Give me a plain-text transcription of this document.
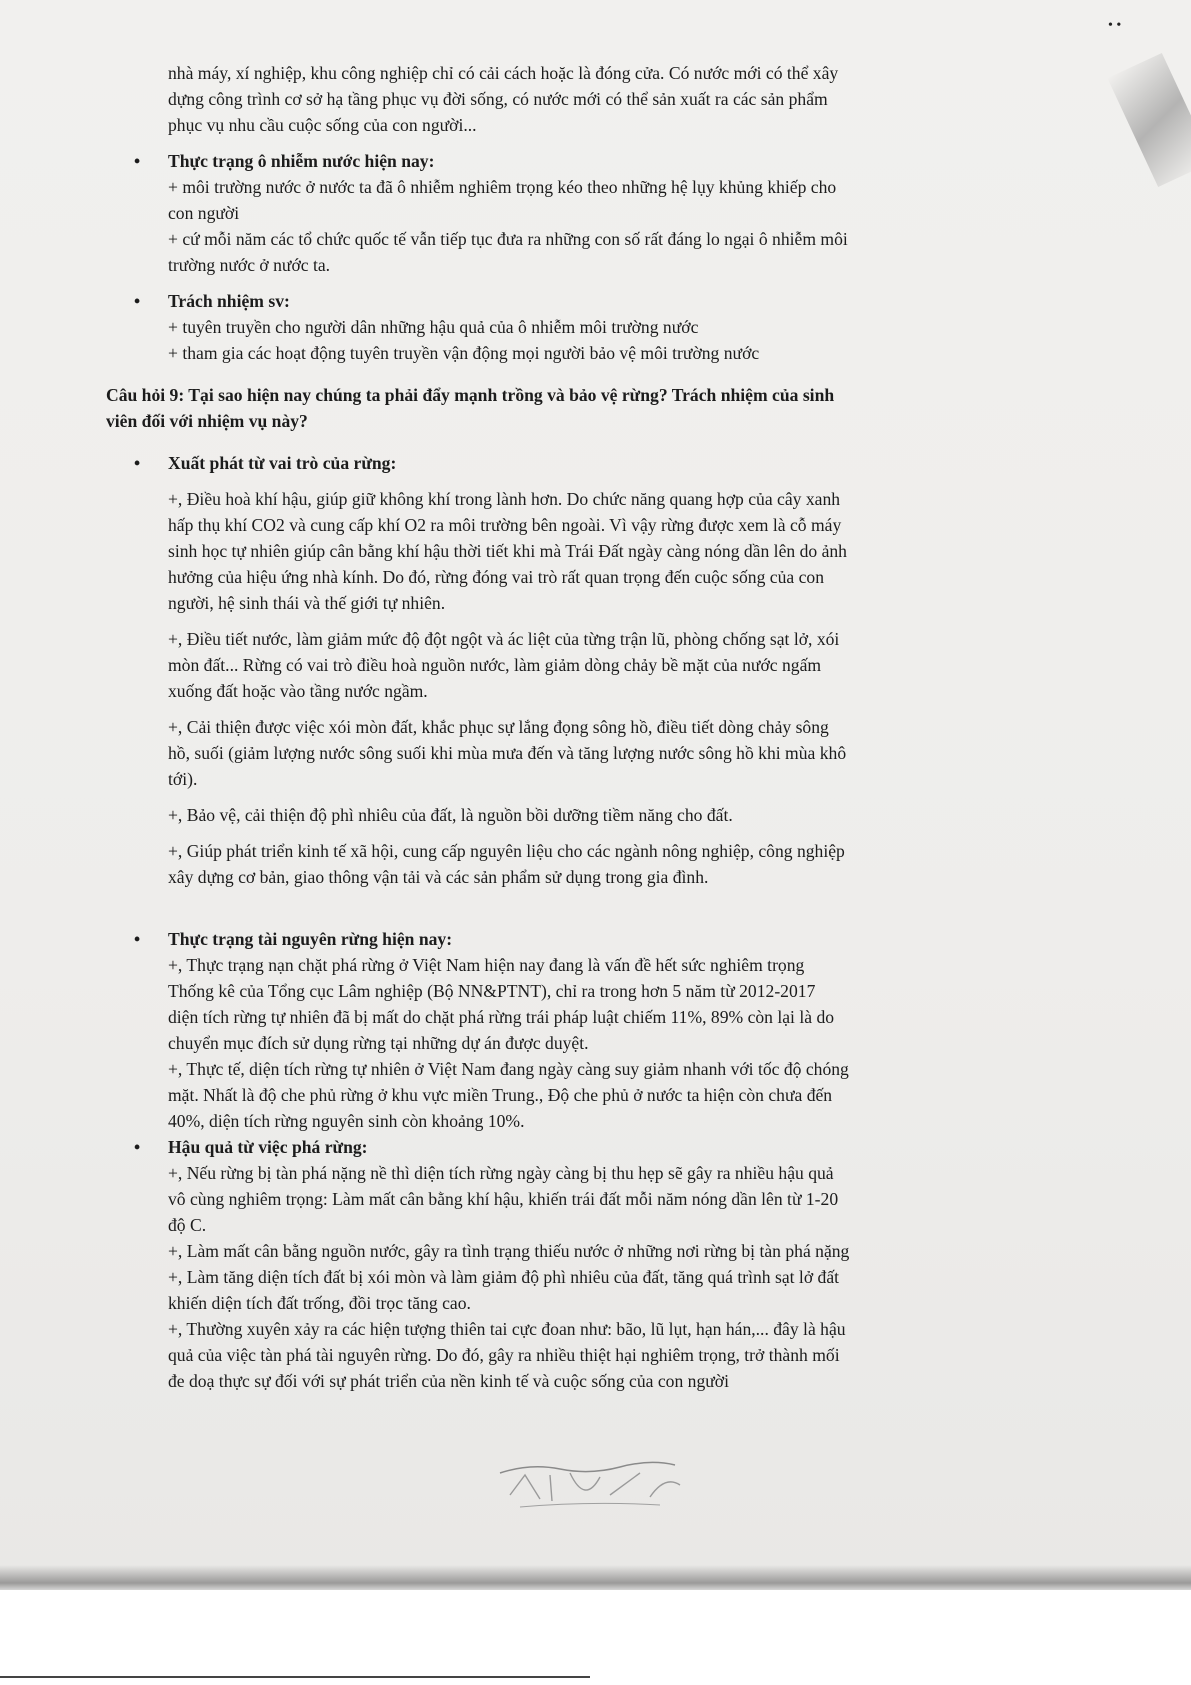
• •

nhà máy, xí nghiệp, khu công nghiệp chỉ có cải cách hoặc là đóng cửa. Có nước mới có thể xây

dựng công trình cơ sở hạ tầng phục vụ đời sống, có nước mới có thể sản xuất ra các sản phẩm

phục vụ nhu cầu cuộc sống của con người...

• Thực trạng ô nhiễm nước hiện nay:

+ môi trường nước ở nước ta đã ô nhiễm nghiêm trọng kéo theo những hệ lụy khủng khiếp cho

con người

+ cứ mỗi năm các tổ chức quốc tế vẫn tiếp tục đưa ra những con số rất đáng lo ngại ô nhiễm môi

trường nước ở nước ta.

• Trách nhiệm sv:

+ tuyên truyền cho người dân những hậu quả của ô nhiễm môi trường nước

+ tham gia các hoạt động tuyên truyền vận động mọi người bảo vệ môi trường nước

Câu hỏi 9: Tại sao hiện nay chúng ta phải đẩy mạnh trồng và bảo vệ rừng? Trách nhiệm của sinh

viên đối với nhiệm vụ này?

• Xuất phát từ vai trò của rừng:

+, Điều hoà khí hậu, giúp giữ không khí trong lành hơn. Do chức năng quang hợp của cây xanh

hấp thụ khí CO2 và cung cấp khí O2 ra môi trường bên ngoài. Vì vậy rừng được xem là cỗ máy

sinh học tự nhiên giúp cân bằng khí hậu thời tiết khi mà Trái Đất ngày càng nóng dần lên do ảnh

hưởng của hiệu ứng nhà kính. Do đó, rừng đóng vai trò rất quan trọng đến cuộc sống của con

người, hệ sinh thái và thế giới tự nhiên.

+, Điều tiết nước, làm giảm mức độ đột ngột và ác liệt của từng trận lũ, phòng chống sạt lở, xói

mòn đất... Rừng có vai trò điều hoà nguồn nước, làm giảm dòng chảy bề mặt của nước ngấm

xuống đất hoặc vào tầng nước ngầm.

+, Cải thiện được việc xói mòn đất, khắc phục sự lắng đọng sông hồ, điều tiết dòng chảy sông

hồ, suối (giảm lượng nước sông suối khi mùa mưa đến và tăng lượng nước sông hồ khi mùa khô

tới).

+, Bảo vệ, cải thiện độ phì nhiêu của đất, là nguồn bồi dưỡng tiềm năng cho đất.

+, Giúp phát triển kinh tế xã hội, cung cấp nguyên liệu cho các ngành nông nghiệp, công nghiệp

xây dựng cơ bản, giao thông vận tải và các sản phẩm sử dụng trong gia đình.

• Thực trạng tài nguyên rừng hiện nay:

+, Thực trạng nạn chặt phá rừng ở Việt Nam hiện nay đang là vấn đề hết sức nghiêm trọng

Thống kê của Tổng cục Lâm nghiệp (Bộ NN&PTNT), chỉ ra trong hơn 5 năm từ 2012-2017

diện tích rừng tự nhiên đã bị mất do chặt phá rừng trái pháp luật chiếm 11%, 89% còn lại là do

chuyển mục đích sử dụng rừng tại những dự án được duyệt.

+, Thực tế, diện tích rừng tự nhiên ở Việt Nam đang ngày càng suy giảm nhanh với tốc độ chóng

mặt. Nhất là độ che phủ rừng ở khu vực miền Trung., Độ che phủ ở nước ta hiện còn chưa đến

40%, diện tích rừng nguyên sinh còn khoảng 10%.

• Hậu quả từ việc phá rừng:

+, Nếu rừng bị tàn phá nặng nề thì diện tích rừng ngày càng bị thu hẹp sẽ gây ra nhiều hậu quả

vô cùng nghiêm trọng: Làm mất cân bằng khí hậu, khiến trái đất mỗi năm nóng dần lên từ 1-20

độ C.

+, Làm mất cân bằng nguồn nước, gây ra tình trạng thiếu nước ở những nơi rừng bị tàn phá nặng

+, Làm tăng diện tích đất bị xói mòn và làm giảm độ phì nhiêu của đất, tăng quá trình sạt lở đất

khiến diện tích đất trống, đồi trọc tăng cao.

+, Thường xuyên xảy ra các hiện tượng thiên tai cực đoan như: bão, lũ lụt, hạn hán,... đây là hậu

quả của việc tàn phá tài nguyên rừng. Do đó, gây ra nhiều thiệt hại nghiêm trọng, trở thành mối

đe doạ thực sự đối với sự phát triển của nền kinh tế và cuộc sống của con người
